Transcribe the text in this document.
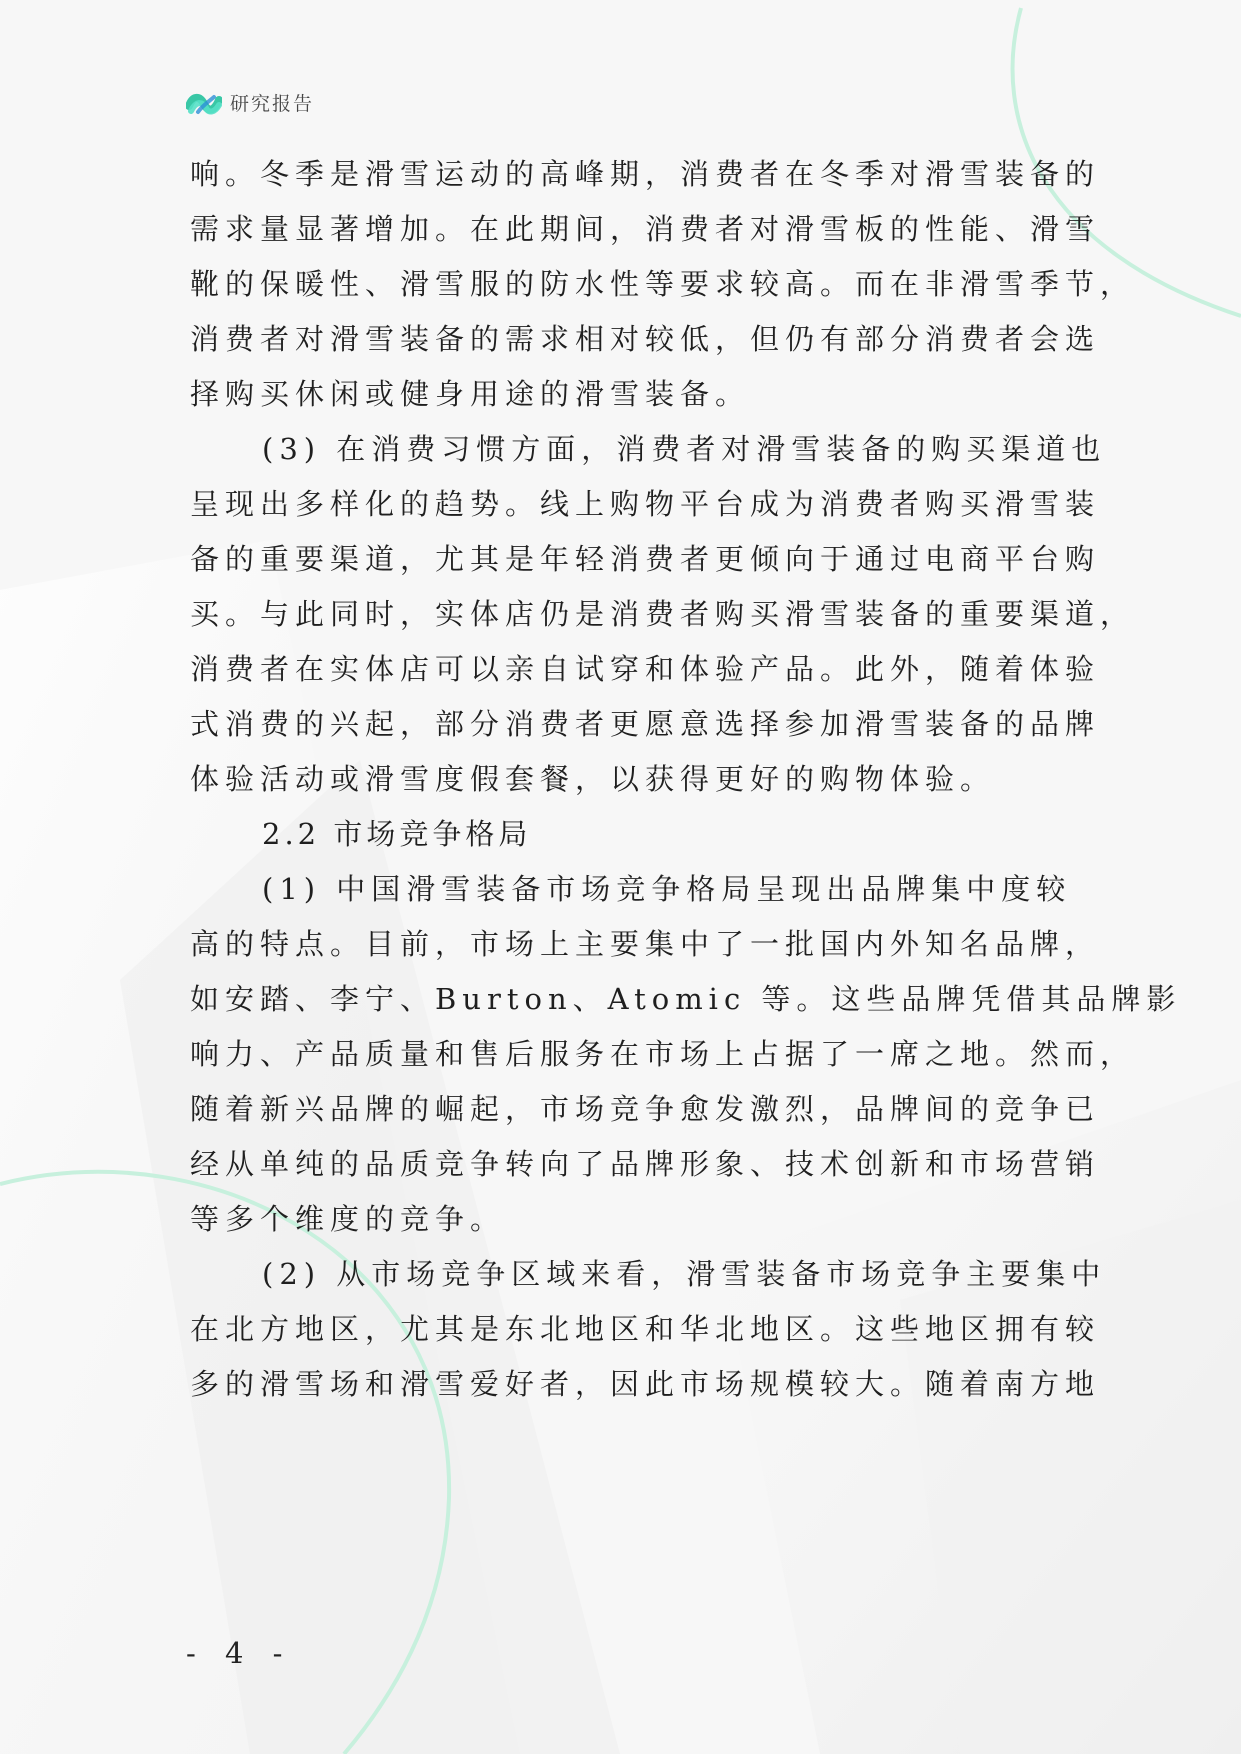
研究报告
响。冬季是滑雪运动的高峰期，消费者在冬季对滑雪装备的
需求量显著增加。在此期间，消费者对滑雪板的性能、滑雪
靴的保暖性、滑雪服的防水性等要求较高。而在非滑雪季节，
消费者对滑雪装备的需求相对较低，但仍有部分消费者会选
择购买休闲或健身用途的滑雪装备。
(3) 在消费习惯方面，消费者对滑雪装备的购买渠道也
呈现出多样化的趋势。线上购物平台成为消费者购买滑雪装
备的重要渠道，尤其是年轻消费者更倾向于通过电商平台购
买。与此同时，实体店仍是消费者购买滑雪装备的重要渠道，
消费者在实体店可以亲自试穿和体验产品。此外，随着体验
式消费的兴起，部分消费者更愿意选择参加滑雪装备的品牌
体验活动或滑雪度假套餐，以获得更好的购物体验。
2.2 市场竞争格局
(1) 中国滑雪装备市场竞争格局呈现出品牌集中度较
高的特点。目前，市场上主要集中了一批国内外知名品牌，
如安踏、李宁、Burton、Atomic 等。这些品牌凭借其品牌影
响力、产品质量和售后服务在市场上占据了一席之地。然而，
随着新兴品牌的崛起，市场竞争愈发激烈，品牌间的竞争已
经从单纯的品质竞争转向了品牌形象、技术创新和市场营销
等多个维度的竞争。
(2) 从市场竞争区域来看，滑雪装备市场竞争主要集中
在北方地区，尤其是东北地区和华北地区。这些地区拥有较
多的滑雪场和滑雪爱好者，因此市场规模较大。随着南方地
- 4 -
